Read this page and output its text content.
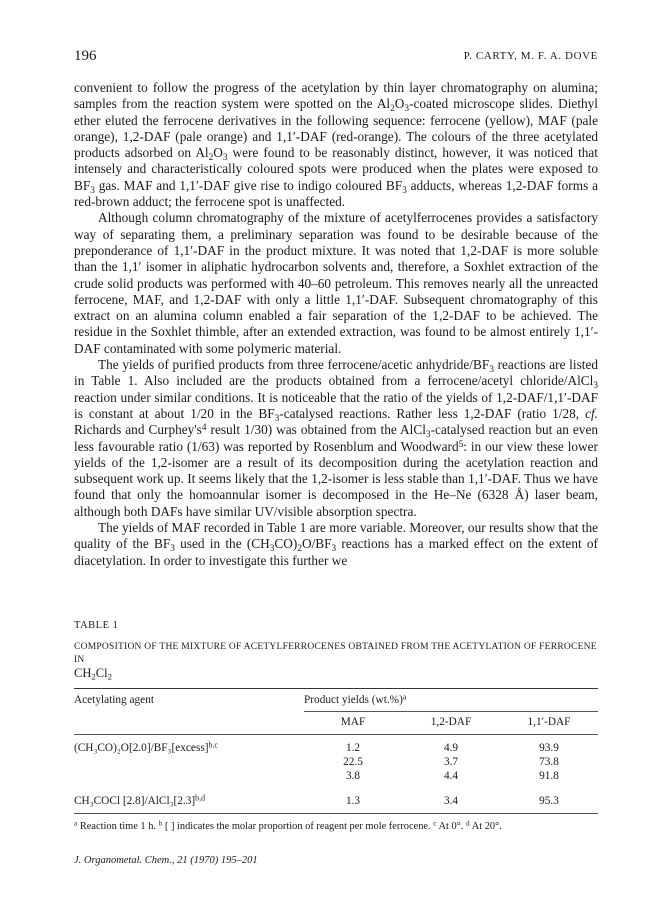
196	P. CARTY, M. F. A. DOVE

convenient to follow the progress of the acetylation by thin layer chromatography on alumina; samples from the reaction system were spotted on the $Al_2O_3$-coated microscope slides. Diethyl ether eluted the ferrocene derivatives in the following sequence: ferrocene (yellow), MAF (pale orange), 1,2-DAF (pale orange) and 1,1′-DAF (red-orange). The colours of the three acetylated products adsorbed on $Al_2O_3$ were found to be reasonably distinct, however, it was noticed that intensely and characteristically coloured spots were produced when the plates were exposed to $BF_3$ gas. MAF and 1,1′-DAF give rise to indigo coloured $BF_3$ adducts, whereas 1,2-DAF forms a red-brown adduct; the ferrocene spot is unaffected.

Although column chromatography of the mixture of acetylferrocenes provides a satisfactory way of separating them, a preliminary separation was found to be desirable because of the preponderance of 1,1′-DAF in the product mixture. It was noted that 1,2-DAF is more soluble than the 1,1′ isomer in aliphatic hydrocarbon solvents and, therefore, a Soxhlet extraction of the crude solid products was performed with 40–60 petroleum. This removes nearly all the unreacted ferrocene, MAF, and 1,2-DAF with only a little 1,1′-DAF. Subsequent chromatography of this extract on an alumina column enabled a fair separation of the 1,2-DAF to be achieved. The residue in the Soxhlet thimble, after an extended extraction, was found to be almost entirely 1,1′-DAF contaminated with some polymeric material.

The yields of purified products from three ferrocene/acetic anhydride/$BF_3$ reactions are listed in Table 1. Also included are the products obtained from a ferrocene/acetyl chloride/AlCl$_3$ reaction under similar conditions. It is noticeable that the ratio of the yields of 1,2-DAF/1,1′-DAF is constant at about 1/20 in the $BF_3$-catalysed reactions. Rather less 1,2-DAF (ratio 1/28, cf. Richards and $Curphey's^4$ result 1/30) was obtained from the AlCl$_3$-catalysed reaction but an even less favourable ratio (1/63) was reported by Rosenblum and Woodward$^5$: in our view these lower yields of the 1,2-isomer are a result of its decomposition during the acetylation reaction and subsequent work up. It seems likely that the 1,2-isomer is less stable than 1,1′-DAF. Thus we have found that only the homoannular isomer is decomposed in the He–Ne (6328 Å) laser beam, although both DAFs have similar UV/visible absorption spectra.

The yields of MAF recorded in Table 1 are more variable. Moreover, our results show that the quality of the $BF_3$ used in the $(CH_3CO)_2O/BF_3$ reactions has a marked effect on the extent of diacetylation. In order to investigate this further we

TABLE 1
COMPOSITION OF THE MIXTURE OF ACETYLFERROCENES OBTAINED FROM THE ACETYLATION OF FERROCENE IN
$CH_2Cl_2$

Acetylating agent	Product yields $(wt.\%)^a$
	MAF	1,2-DAF	1,1′-DAF

(CH₃CO)₂O[2.0]/BF₃[excess]$^{b,c}$	1.2	4.9	93.9
	22.5	3.7	73.8
	3.8	4.4	91.8

CH₃COCl $[2.8]/AlCl_3[2.3]^{b,d}$	1.3	3.4	95.3

$^a$ Reaction time 1 h. $^b$ [ ] indicates the molar proportion of reagent per mole ferrocene. $^c$ At 0°. $^d$ At 20°.
J. Organometal. Chem., 21 (1970) 195–201
